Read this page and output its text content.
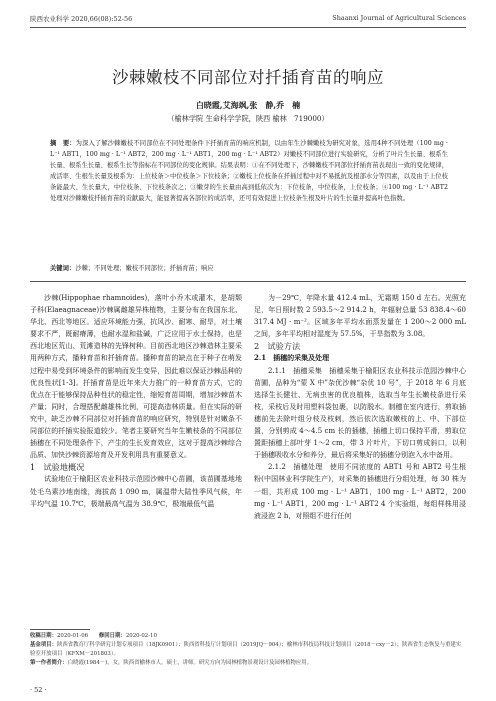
陕西农业科学 2020,66(08):52-56	Shaanxi Journal of Agricultural Sciences
沙棘嫩枝不同部位对扦插育苗的响应
白晓霞,艾海飒,张　静,乔　楠
（榆林学院 生命科学学院，陕西 榆林　719000）
摘　要：为深入了解沙棘嫩枝不同部位在不同处理条件下扦插育苗的响应机制，以由年生沙棘嫩枝为研究对象，选用4种不同处理（100 mg · L⁻¹ ABT1，100 mg · L⁻¹ ABT2，200 mg · L⁻¹ ABT1，200 mg · L⁻¹ ABT2）对嫩枝不同部位进行实验研究，分析了叶片生长量、根系生长量、根系生长量、根系生长等指标在不同部位的变化规律。结果表明：①在不同处理下，沙棘嫩枝不同部位扦插育苗表现出一致的变化规律，成活率、生根生长量及根系为：上位枝条＞中位枝条＞下位枝条；②嫩枝上位枝条在扦插过程中对不易抵抗及根部水分等因素，以及由于上位枝条能最大、生长量大，中位枝条、下位枝条次之；③嫩芽的生长量由高到低依次为：下位枝条，中位枝条，上位枝条；④100 mg · L⁻¹ ABT2 处理对沙棘嫩枝扦插育苗的贡献最大，能显著提高各部位的成活率，还可有效促进上位枝条生根及叶片的生长量并提高叶色指数。
关键词：沙棘；不同处理；嫩枝不同部位；扦插育苗；响应

沙棘(Hippophae rhamnoides)，落叶小乔木或灌木，是胡颓子科(Elaeagnaceae)沙棘属雌雄异株植物，主要分布在我国东北、华北、西北等地区。适应环境能力强，抗风沙、耐寒、耐旱，对土壤要求不严，既耐瘠薄，也耐水湿和盐碱，广泛应用于水土保持，也是西北地区荒山、荒滩造林的先锋树种。目前西北地区沙棘造林主要采用两种方式，播种育苗和扦插育苗。播种育苗的缺点在于种子在萌发过程中易受到环境条件的影响而发生变异，因此难以保证沙棘品种的优良性状[1-3]。扦插育苗是近年来大力推广的一种育苗方式，它的优点在于能够保持品种性状的稳定性，缩短育苗周期，增加沙棘苗木产量；同时，合理搭配雌雄株比例，可提高造林质量。但在实际的研究中，缺乏沙棘不同部位对扦插育苗的响应研究，特别是针对嫩条不同部位的扦插实验报道较少。笔者主要研究当年生嫩枝条的不同部位插穗在不同处理条件下，产生的生长发育效应，这对于提高沙棘综合品质、加快沙棘资源培育及开发利用具有重要意义。

1　试验地概况

试验地位于榆阳区农业科技示范园沙棘中心苗圃，该苗圃基地地处毛乌素沙地南缘，海拔高 1 090 m，属温带大陆性季风气候，年平均气温 10.7℃，极端最高气温为 38.9℃，极端最低气温

为－29℃，年降水量 412.4 mL，无霜期 150 d 左右。光照充足，年日照时数 2 593.5～2 914.2 h，年辐射总量 53 838.4～60 317.4 MJ · m⁻²。区域多年平均水面蒸发量在 1 200～2 000 mL 之间，多年平均相对湿度为 57.5%，干旱指数为 3.08。

2　试验方法

2.1　插穗的采集及处理

2.1.1　插穗采集　插穗采集于榆阳区农业科技示范园沙棘中心苗圃，品种为“蒙 X 中”杂优沙棘“杂优 10 号”，于 2018 年 6 月底选择生长健壮、无病虫害的优良植株，选取当年生长嫩枝条进行采枝，采枝后及时用塑料袋包裹，以防脱水。制穗在室内进行，剪取插穗前先去除叶组分枝及枝刺，然后依次选取嫩枝的上、中、下部位置，分别剪成 4～4.5 cm 长的插穗，插穗上切口保持平滑，剪取位置距插穗上部叶芽 1～2 cm，带 3 片叶片，下切口剪成斜口，以利于插穗吸收水分和养分，最后将采集好的插穗分别泡入水中备用。

2.1.2　插穗处理　使用不同浓度的 ABT1 号和 ABT2 号生根粉(中国林业科学院生产)，对采集的插穗进行分组处理，每 30 株为一组，共形成 100 mg · L⁻¹ ABT1，100 mg · L⁻¹ ABT2，200 mg · L⁻¹ ABT1，200 mg · L⁻¹ ABT2 4 个实验组，每组样株用浸液浸泡 2 h，对照组不进行任何

收稿日期：2020-01-06　　 修回日期：2020-02-10
基金项目：陕西省教育厅科学研究计划专项项目（18JK0901）；陕西省科技厅计划项目（2019JQ－904）；榆林市科技局科技计划项目（2018－cxy－2）；陕西省生态恢复与重建实验室开放项目（KFXM－201803）。
第一作者简介：白晓霞(1984－)，女，陕西省榆林市人，硕士，讲师。研究方向为园林植物景观设计及园林植物应用。
· 52 ·
